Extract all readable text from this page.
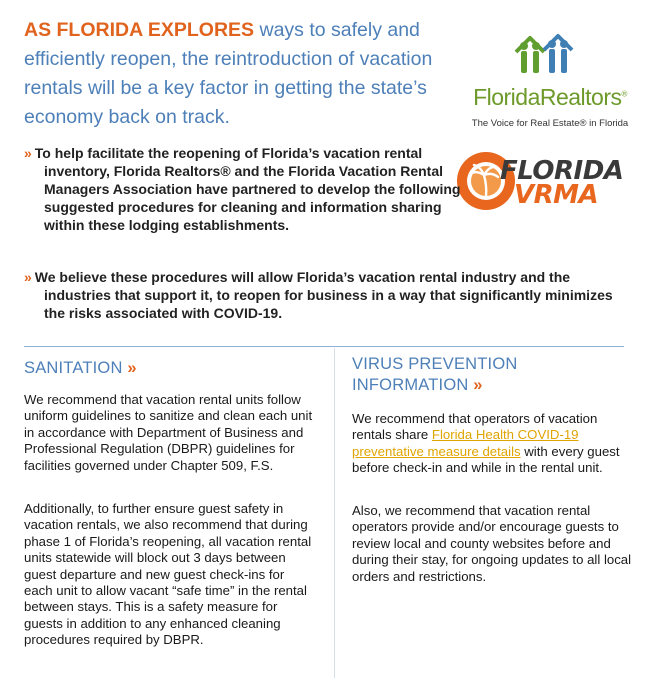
AS FLORIDA EXPLORES ways to safely and efficiently reopen, the reintroduction of vacation rentals will be a key factor in getting the state’s economy back on track.
FloridaRealtors®
The Voice for Real Estate® in Florida
FLORIDA
VRMA
» To help facilitate the reopening of Florida’s vacation rental inventory, Florida Realtors® and the Florida Vacation Rental Managers Association have partnered to develop the following suggested procedures for cleaning and information sharing within these lodging establishments.
» We believe these procedures will allow Florida’s vacation rental industry and the industries that support it, to reopen for business in a way that significantly minimizes the risks associated with COVID-19.
SANITATION »
We recommend that vacation rental units follow uniform guidelines to sanitize and clean each unit in accordance with Department of Business and Professional Regulation (DBPR) guidelines for facilities governed under Chapter 509, F.S.
Additionally, to further ensure guest safety in vacation rentals, we also recommend that during phase 1 of Florida’s reopening, all vacation rental units statewide will block out 3 days between guest departure and new guest check-ins for each unit to allow vacant “safe time” in the rental between stays. This is a safety measure for guests in addition to any enhanced cleaning procedures required by DBPR.
VIRUS PREVENTION INFORMATION »
We recommend that operators of vacation rentals share Florida Health COVID-19 preventative measure details with every guest before check-in and while in the rental unit.
Also, we recommend that vacation rental operators provide and/or encourage guests to review local and county websites before and during their stay, for ongoing updates to all local orders and restrictions.
